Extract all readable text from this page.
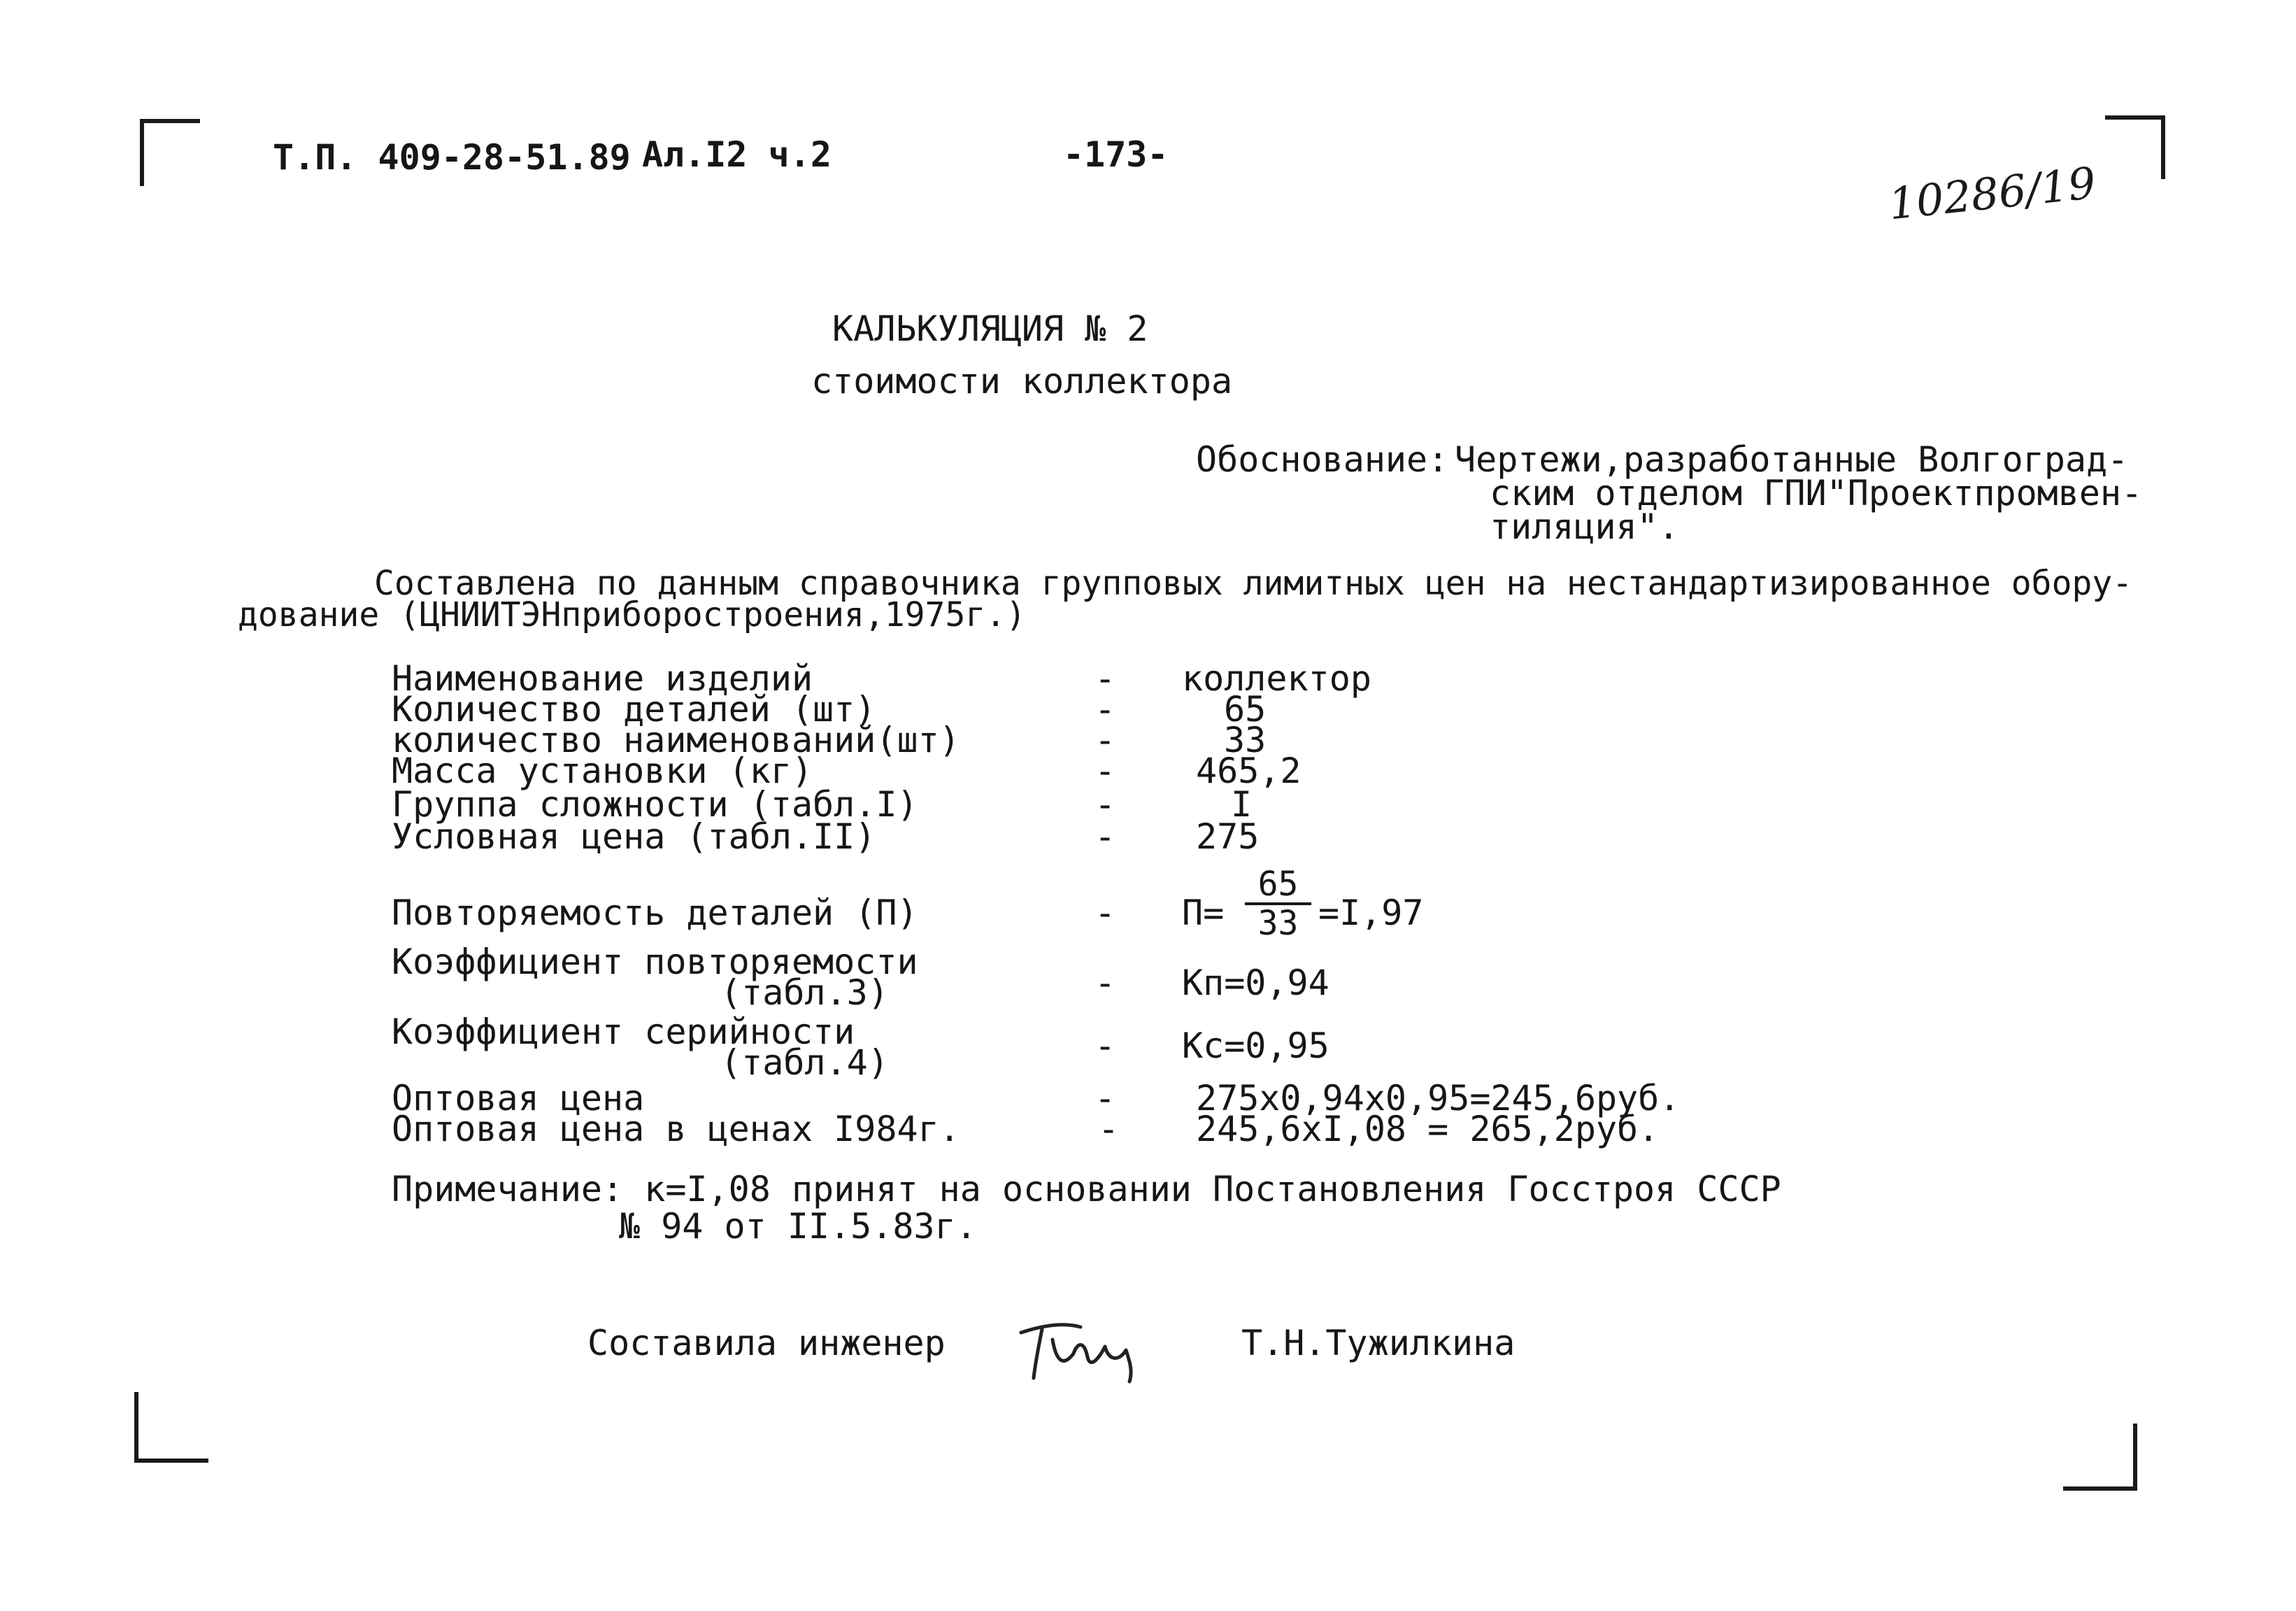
Т.П. 409-28-51.89 Ал.I2 ч.2	-173-
10286/19
КАЛЬКУЛЯЦИЯ № 2
стоимости коллектора
Обоснование: Чертежи,разработанные Волгоград-
ским отделом ГПИ"Проектпромвен-
тиляция".
Составлена по данным справочника групповых лимитных цен на нестандартизированное обору-
дование (ЦНИИТЭНприборостроения,1975г.)
Наименование изделий	- коллектор
Количество деталей (шт)	-	65
количество наименований(шт)	-	33
Масса установки (кг)	- 465,2
Группа сложности (табл.I)	-	I
Условная цена (табл.II)	- 275
Повторяемость деталей (П)	- П=
65
33 =I,97
Коэффициент повторяемости
(табл.3)	- Кп=0,94
Коэффициент серийности
(табл.4)	- Кс=0,95
Оптовая цена	- 275х0,94х0,95=245,6руб.
Оптовая цена в ценах I984г.	- 245,6хI,08 = 265,2руб.
Примечание: к=I,08 принят на основании Постановления Госстроя СССР
№ 94 от II.5.83г.
Составила инженер	Т.Н.Тужилкина
